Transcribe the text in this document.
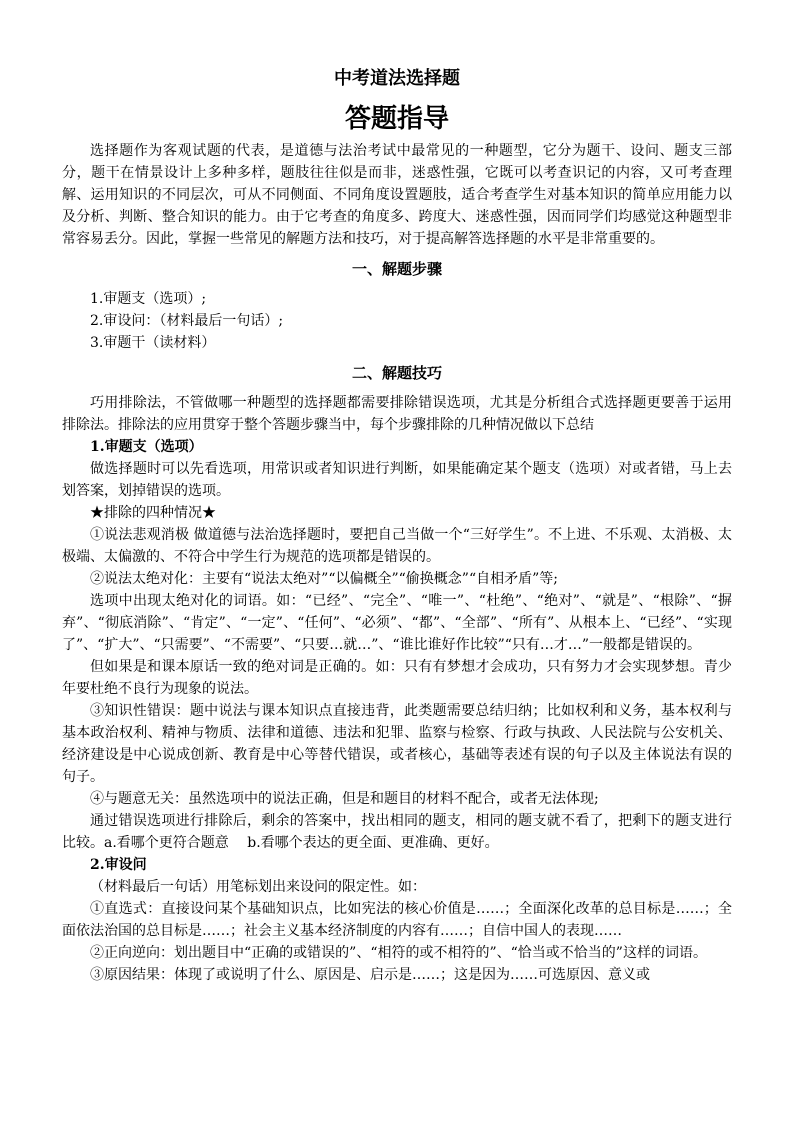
中考道法选择题
答题指导

选择题作为客观试题的代表，是道德与法治考试中最常见的一种题型，它分为题干、设问、题支三部分，题干在情景设计上多种多样，题肢往往似是而非，迷惑性强，它既可以考查识记的内容，又可考查理解、运用知识的不同层次，可从不同侧面、不同角度设置题肢，适合考查学生对基本知识的简单应用能力以及分析、判断、整合知识的能力。由于它考查的角度多、跨度大、迷惑性强，因而同学们均感觉这种题型非常容易丢分。因此，掌握一些常见的解题方法和技巧，对于提高解答选择题的水平是非常重要的。

一、解题步骤
1.审题支（选项）;
2.审设问：（材料最后一句话）;
3.审题干（读材料）
二、解题技巧

巧用排除法，不管做哪一种题型的选择题都需要排除错误选项，尤其是分析组合式选择题更要善于运用排除法。排除法的应用贯穿于整个答题步骤当中，每个步骤排除的几种情况做以下总结

1.审题支（选项）

做选择题时可以先看选项，用常识或者知识进行判断，如果能确定某个题支（选项）对或者错，马上去划答案，划掉错误的选项。

★排除的四种情况★

①说法悲观消极 做道德与法治选择题时，要把自己当做一个“三好学生”。不上进、不乐观、太消极、太极端、太偏激的、不符合中学生行为规范的选项都是错误的。

②说法太绝对化：主要有“说法太绝对”“以偏概全”“偷换概念”“自相矛盾”等;

选项中出现太绝对化的词语。如：“已经”、“完全”、“唯一”、“杜绝”、“绝对”、“就是”、“根除”、“摒弃”、“彻底消除”、“肯定”、“一定”、“任何”、“必须”、“都”、“全部”、“所有”、从根本上、“已经”、“实现了”、“扩大”、“只需要”、“不需要”、“只要…就…”、“谁比谁好作比较”“只有…才…”一般都是错误的。

但如果是和课本原话一致的绝对词是正确的。如：只有有梦想才会成功，只有努力才会实现梦想。青少年要杜绝不良行为现象的说法。

③知识性错误：题中说法与课本知识点直接违背，此类题需要总结归纳；比如权利和义务，基本权利与基本政治权利、精神与物质、法律和道德、违法和犯罪、监察与检察、行政与执政、人民法院与公安机关、 经济建设是中心说成创新、教育是中心等替代错误，或者核心，基础等表述有误的句子以及主体说法有误的句子。

④与题意无关：虽然选项中的说法正确，但是和题目的材料不配合，或者无法体现;

通过错误选项进行排除后，剩余的答案中，找出相同的题支，相同的题支就不看了，把剩下的题支进行比较。a.看哪个更符合题意　 b.看哪个表达的更全面、更准确、更好。

2.审设问

（材料最后一句话）用笔标划出来设问的限定性。如：

①直选式：直接设问某个基础知识点，比如宪法的核心价值是……；全面深化改革的总目标是……；全面依法治国的总目标是……；社会主义基本经济制度的内容有……；自信中国人的表现……

②正向逆向：划出题目中“正确的或错误的”、“相符的或不相符的”、“恰当或不恰当的”这样的词语。

③原因结果：体现了或说明了什么、原因是、启示是……；这是因为……可选原因、意义或
